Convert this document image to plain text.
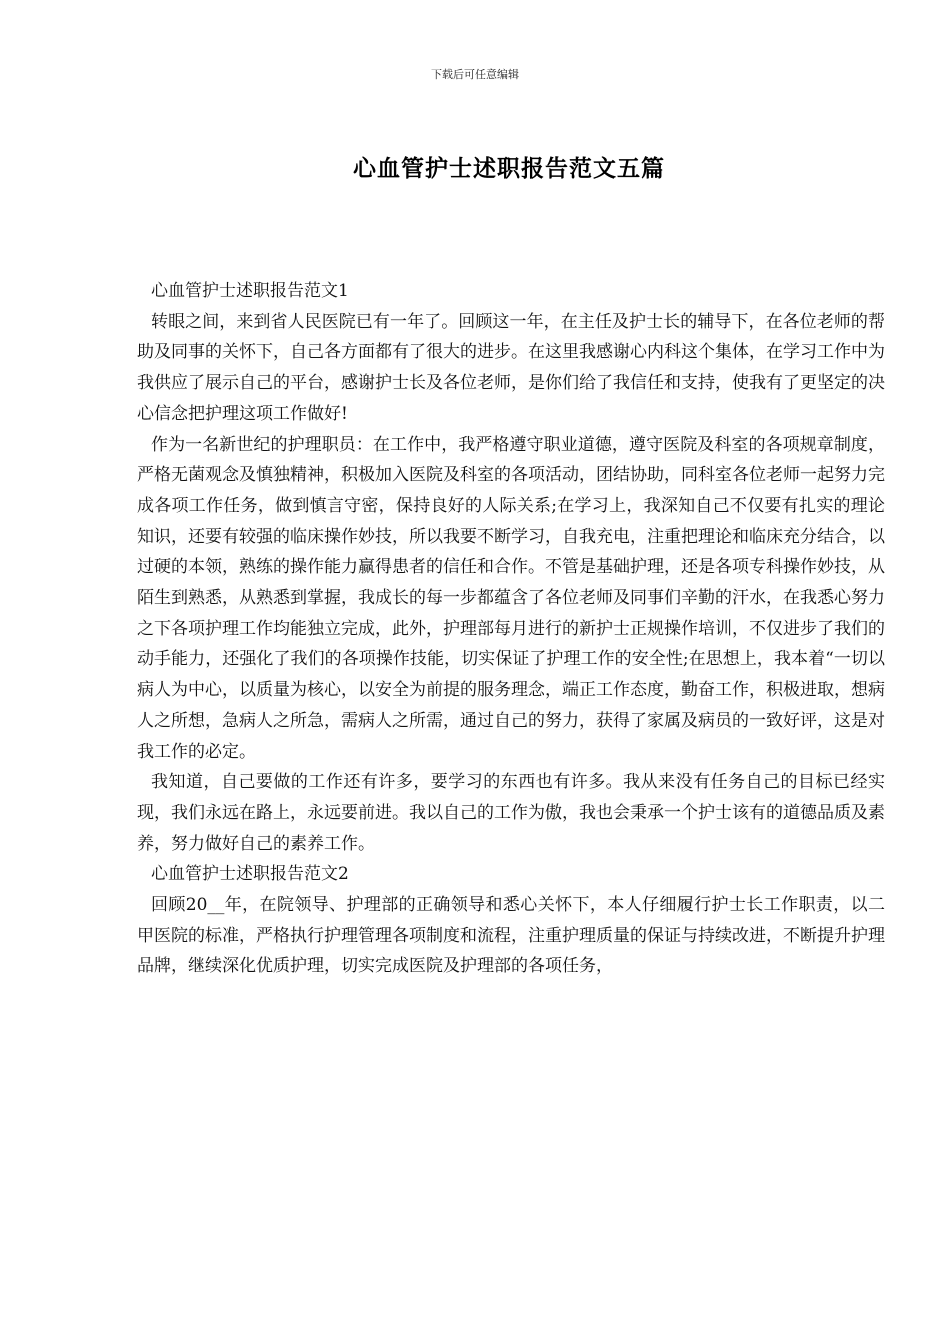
下载后可任意编辑
心血管护士述职报告范文五篇

心血管护士述职报告范文1

转眼之间，来到省人民医院已有一年了。回顾这一年，在主任及护士长的辅导下，在各位老师的帮助及同事的关怀下，自己各方面都有了很大的进步。在这里我感谢心内科这个集体，在学习工作中为我供应了展示自己的平台，感谢护士长及各位老师，是你们给了我信任和支持，使我有了更坚定的决心信念把护理这项工作做好!

作为一名新世纪的护理职员：在工作中，我严格遵守职业道德，遵守医院及科室的各项规章制度，严格无菌观念及慎独精神，积极加入医院及科室的各项活动，团结协助，同科室各位老师一起努力完成各项工作任务，做到慎言守密，保持良好的人际关系;在学习上，我深知自己不仅要有扎实的理论知识，还要有较强的临床操作妙技，所以我要不断学习，自我充电，注重把理论和临床充分结合，以过硬的本领，熟练的操作能力赢得患者的信任和合作。不管是基础护理，还是各项专科操作妙技，从陌生到熟悉，从熟悉到掌握，我成长的每一步都蕴含了各位老师及同事们辛勤的汗水，在我悉心努力之下各项护理工作均能独立完成，此外，护理部每月进行的新护士正规操作培训，不仅进步了我们的动手能力，还强化了我们的各项操作技能，切实保证了护理工作的安全性;在思想上，我本着“一切以病人为中心，以质量为核心，以安全为前提的服务理念，端正工作态度，勤奋工作，积极进取，想病人之所想，急病人之所急，需病人之所需，通过自己的努力，获得了家属及病员的一致好评，这是对我工作的必定。

我知道，自己要做的工作还有许多，要学习的东西也有许多。我从来没有任务自己的目标已经实现，我们永远在路上，永远要前进。我以自己的工作为傲，我也会秉承一个护士该有的道德品质及素养，努力做好自己的素养工作。

心血管护士述职报告范文2

回顾20__年，在院领导、护理部的正确领导和悉心关怀下，本人仔细履行护士长工作职责，以二甲医院的标准，严格执行护理管理各项制度和流程，注重护理质量的保证与持续改进，不断提升护理品牌，继续深化优质护理，切实完成医院及护理部的各项任务，
